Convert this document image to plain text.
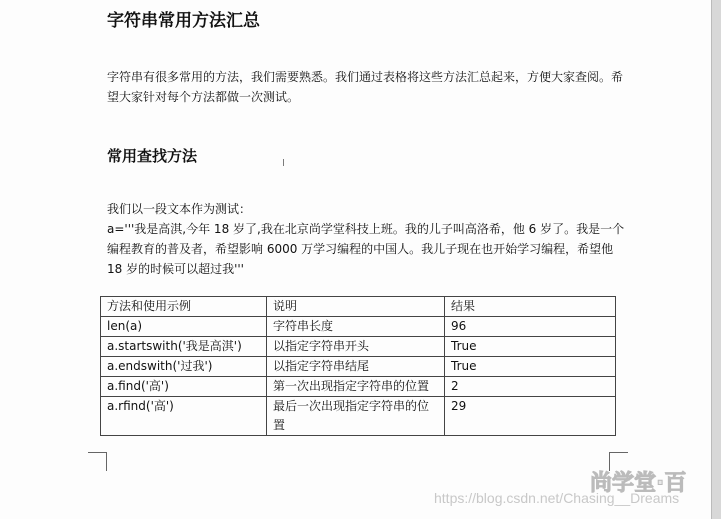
字符串常用方法汇总
字符串有很多常用的方法，我们需要熟悉。我们通过表格将这些方法汇总起来，方便大家查阅。希望大家针对每个方法都做一次测试。
常用查找方法	I
我们以一段文本作为测试：
a='''我是高淇,今年 18 岁了,我在北京尚学堂科技上班。我的儿子叫高洛希，他 6 岁了。我是一个编程教育的普及者，希望影响 6000 万学习编程的中国人。我儿子现在也开始学习编程，希望他 18 岁的时候可以超过我'''
方法和使用示例	说明	结果
len(a)	字符串长度	96
a.startswith('我是高淇')	以指定字符串开头	True
a.endswith('过我')	以指定字符串结尾	True
a.find('高')	第一次出现指定字符串的位置	2
a.rfind('高')	最后一次出现指定字符串的位置	29
尚学堂·百
https://blog.csdn.net/Chasing__Dreams
